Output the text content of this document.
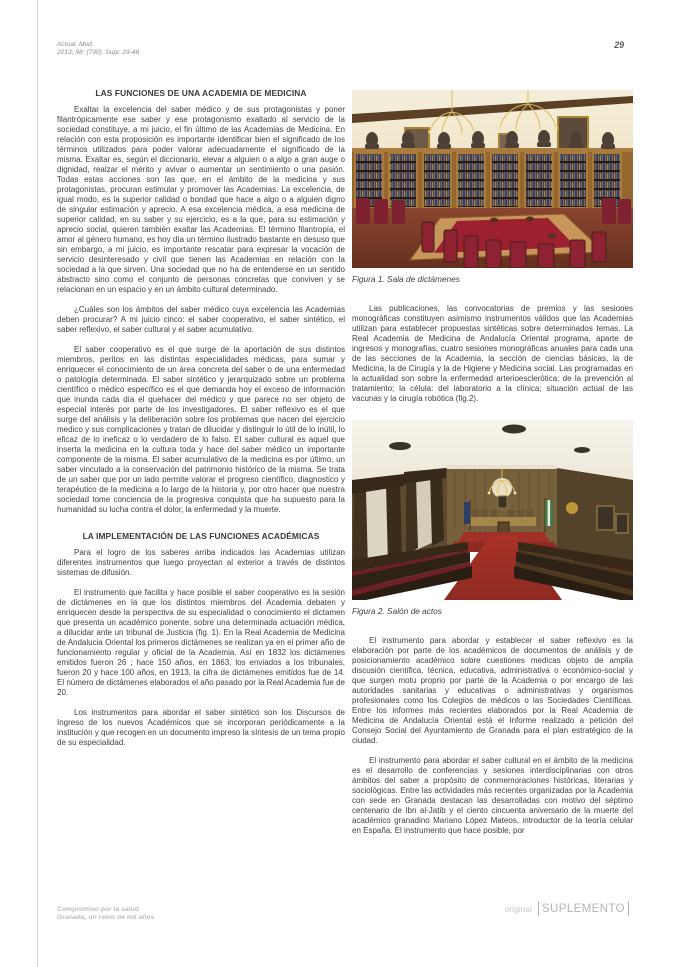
Actual. Med.
2013; 98: (790). Supl. 29-48
29
LAS FUNCIONES DE UNA ACADEMIA DE MEDICINA

Exaltar la excelencia del saber médico y de sus protagonistas y poner filantrópicamente ese saber y ese protagonismo exaltado al servicio de la sociedad constituye, a mi juicio, el fin último de las Academias de Medicina. En relación con esta proposición es importante identificar bien el significado de los términos utilizados para poder valorar adecuadamente el significado de la misma. Exaltar es, según el diccionario, elevar a alguien o a algo a gran auge o dignidad, realzar el mérito y avivar o aumentar un sentimiento o una pasión. Todas estas acciones son las que, en el ámbito de la medicina y sus protagonistas, procuran estimular y promover las Academias. La excelencia, de igual modo, es la superior calidad o bondad que hace a algo o a alguien digno de singular estimación y aprecio. A esa excelencia médica, a esa medicina de superior calidad, en su saber y su ejercicio, es a la que, para su estimación y aprecio social, quieren también exaltar las Academias. El término filantropía, el amor al género humano, es hoy día un término ilustrado bastante en desuso que sin embargo, a mi juicio, es importante rescatar para expresar la vocación de servicio desinteresado y civil que tienen las Academias en relación con la sociedad a la que sirven. Una sociedad que no ha de entenderse en un sentido abstracto sino como el conjunto de personas concretas que conviven y se relacionan en un espacio y en un ámbito cultural determinado.

¿Cuáles son los ámbitos del saber médico cuya excelencia las Academias deben procurar? A mi juicio cinco: el saber cooperativo, el saber sintético, el saber reflexivo, el saber cultural y el saber acumulativo.

El saber cooperativo es el que surge de la aportación de sus distintos miembros, peritos en las distintas especialidades médicas, para sumar y enriquecer el conocimiento de un área concreta del saber o de una enfermedad o patología determinada. El saber sintético y jerarquizado sobre un problema científico o médico específico es el que demanda hoy el exceso de información que inunda cada día el quehacer del médico y que parece no ser objeto de especial interés por parte de los investigadores. El saber reflexivo es el que surge del análisis y la deliberación sobre los problemas que nacen del ejercicio medico y sus complicaciones y tratan de dilucidar y distinguir lo útil de lo inútil, lo eficaz de lo ineficaz o lo verdadero de lo falso. El saber cultural es aquel que inserta la medicina en la cultura toda y hace del saber médico un importante componente de la misma. El saber acumulativo de la medicina es por último, un saber vinculado a la conservación del patrimonio histórico de la misma. Se trata de un saber que por un lado permite valorar el progreso científico, diagnostico y terapéutico de la medicina a lo largo de la historia y, por otro hacer que nuestra sociedad tome conciencia de la progresiva conquista que ha supuesto para la humanidad su lucha contra el dolor, la enfermedad y la muerte.

LA IMPLEMENTACIÓN DE LAS FUNCIONES ACADÉMICAS

Para el logro de los saberes arriba indicados las Academias utilizan diferentes instrumentos que luego proyectan al exterior a través de distintos sistemas de difusión.

El instrumento que facilita y hace posible el saber cooperativo es la sesión de dictámenes en la que los distintos miembros del Academia debaten y enriquecen desde la perspectiva de su especialidad o conocimiento el dictamen que presenta un académico ponente, sobre una determinada actuación médica, a dilucidar ante un tribunal de Justicia (fig. 1). En la Real Academia de Medicina de Andalucia Oriental los primeros dictámenes se realizan ya en el primer año de funcionamiento regular y oficial de la Academia. Así en 1832 los dictámenes emitidos fueron 26 ; hace 150 años, en 1863, los enviados a los tribunales, fueron 20 y hace 100 años, en 1913, la cifra de dictámenes emitidos fue de 14. El número de dictámenes elaborados el año pasado por la Real Academia fue de 20.

Los instrumentos para abordar el saber sintético son los Discursos de Ingreso de los nuevos Académicos que se incorporan periódicamente a la institución y que recogen en un documento impreso la síntesis de un tema propio de su especialidad.

Figura 1. Sala de dictámenes

Las publicaciones, las convocatorias de premios y las sesiones monográficas constituyen asimismo instrumentos válidos que las Academias utilizan para establecer propuestas sintéticas sobre determinados temas. La Real Academia de Medicina de Andalucía Oriental programa, aparte de ingresos y monografías, cuatro sesiones monográficas anuales para cada una de las secciones de la Academia, la sección de ciencias básicas, la de Medicina, la de Cirugía y la de Higiene y Medicina social. Las programadas en la actualidad son sobre la enfermedad arterioesclerótica: de la prevención al tratamiento; la célula: del laboratorio a la clínica; situación actual de las vacunas y la cirugía robótica (fig.2).

Figura 2. Salón de actos

El instrumento para abordar y establecer el saber reflexivo es la elaboración por parte de los académicos de documentos de análisis y de posicionamiento académico sobre cuestiones medicas objeto de amplia discusión científica, técnica, educativa, administrativa o económico-social y que surgen motu proprio por parte de la Academia o por encargo de las autoridades sanitarias y educativas o administrativas y organismos profesionales como los Colegios de médicos o las Sociedades Científicas. Entre los informes más recientes elaborados por la Real Academia de Medicina de Andalucía Oriental está el Informe realizado a petición del Consejo Social del Ayuntamiento de Granada para el plan estratégico de la ciudad.

El instrumento para abordar el saber cultural en el ámbito de la medicina es el desarrollo de conferencias y sesiones interdisciplinarias con otros ámbitos del saber a propósito de conmemoraciones históricas, literarias y sociológicas. Entre las actividades más recientes organizadas por la Academia con sede en Granada destacan las desarrolladas con motivo del séptimo centenario de Ibn al-Jaṭib y el ciento cincuenta aniversario de la muerte del académico granadino Mariano López Mateos, introductor de la teoría celular en España. El instrumento que hace posible, por

Compromiso por la salud
Granada, un reino de mil años
original SUPLEMENTO
